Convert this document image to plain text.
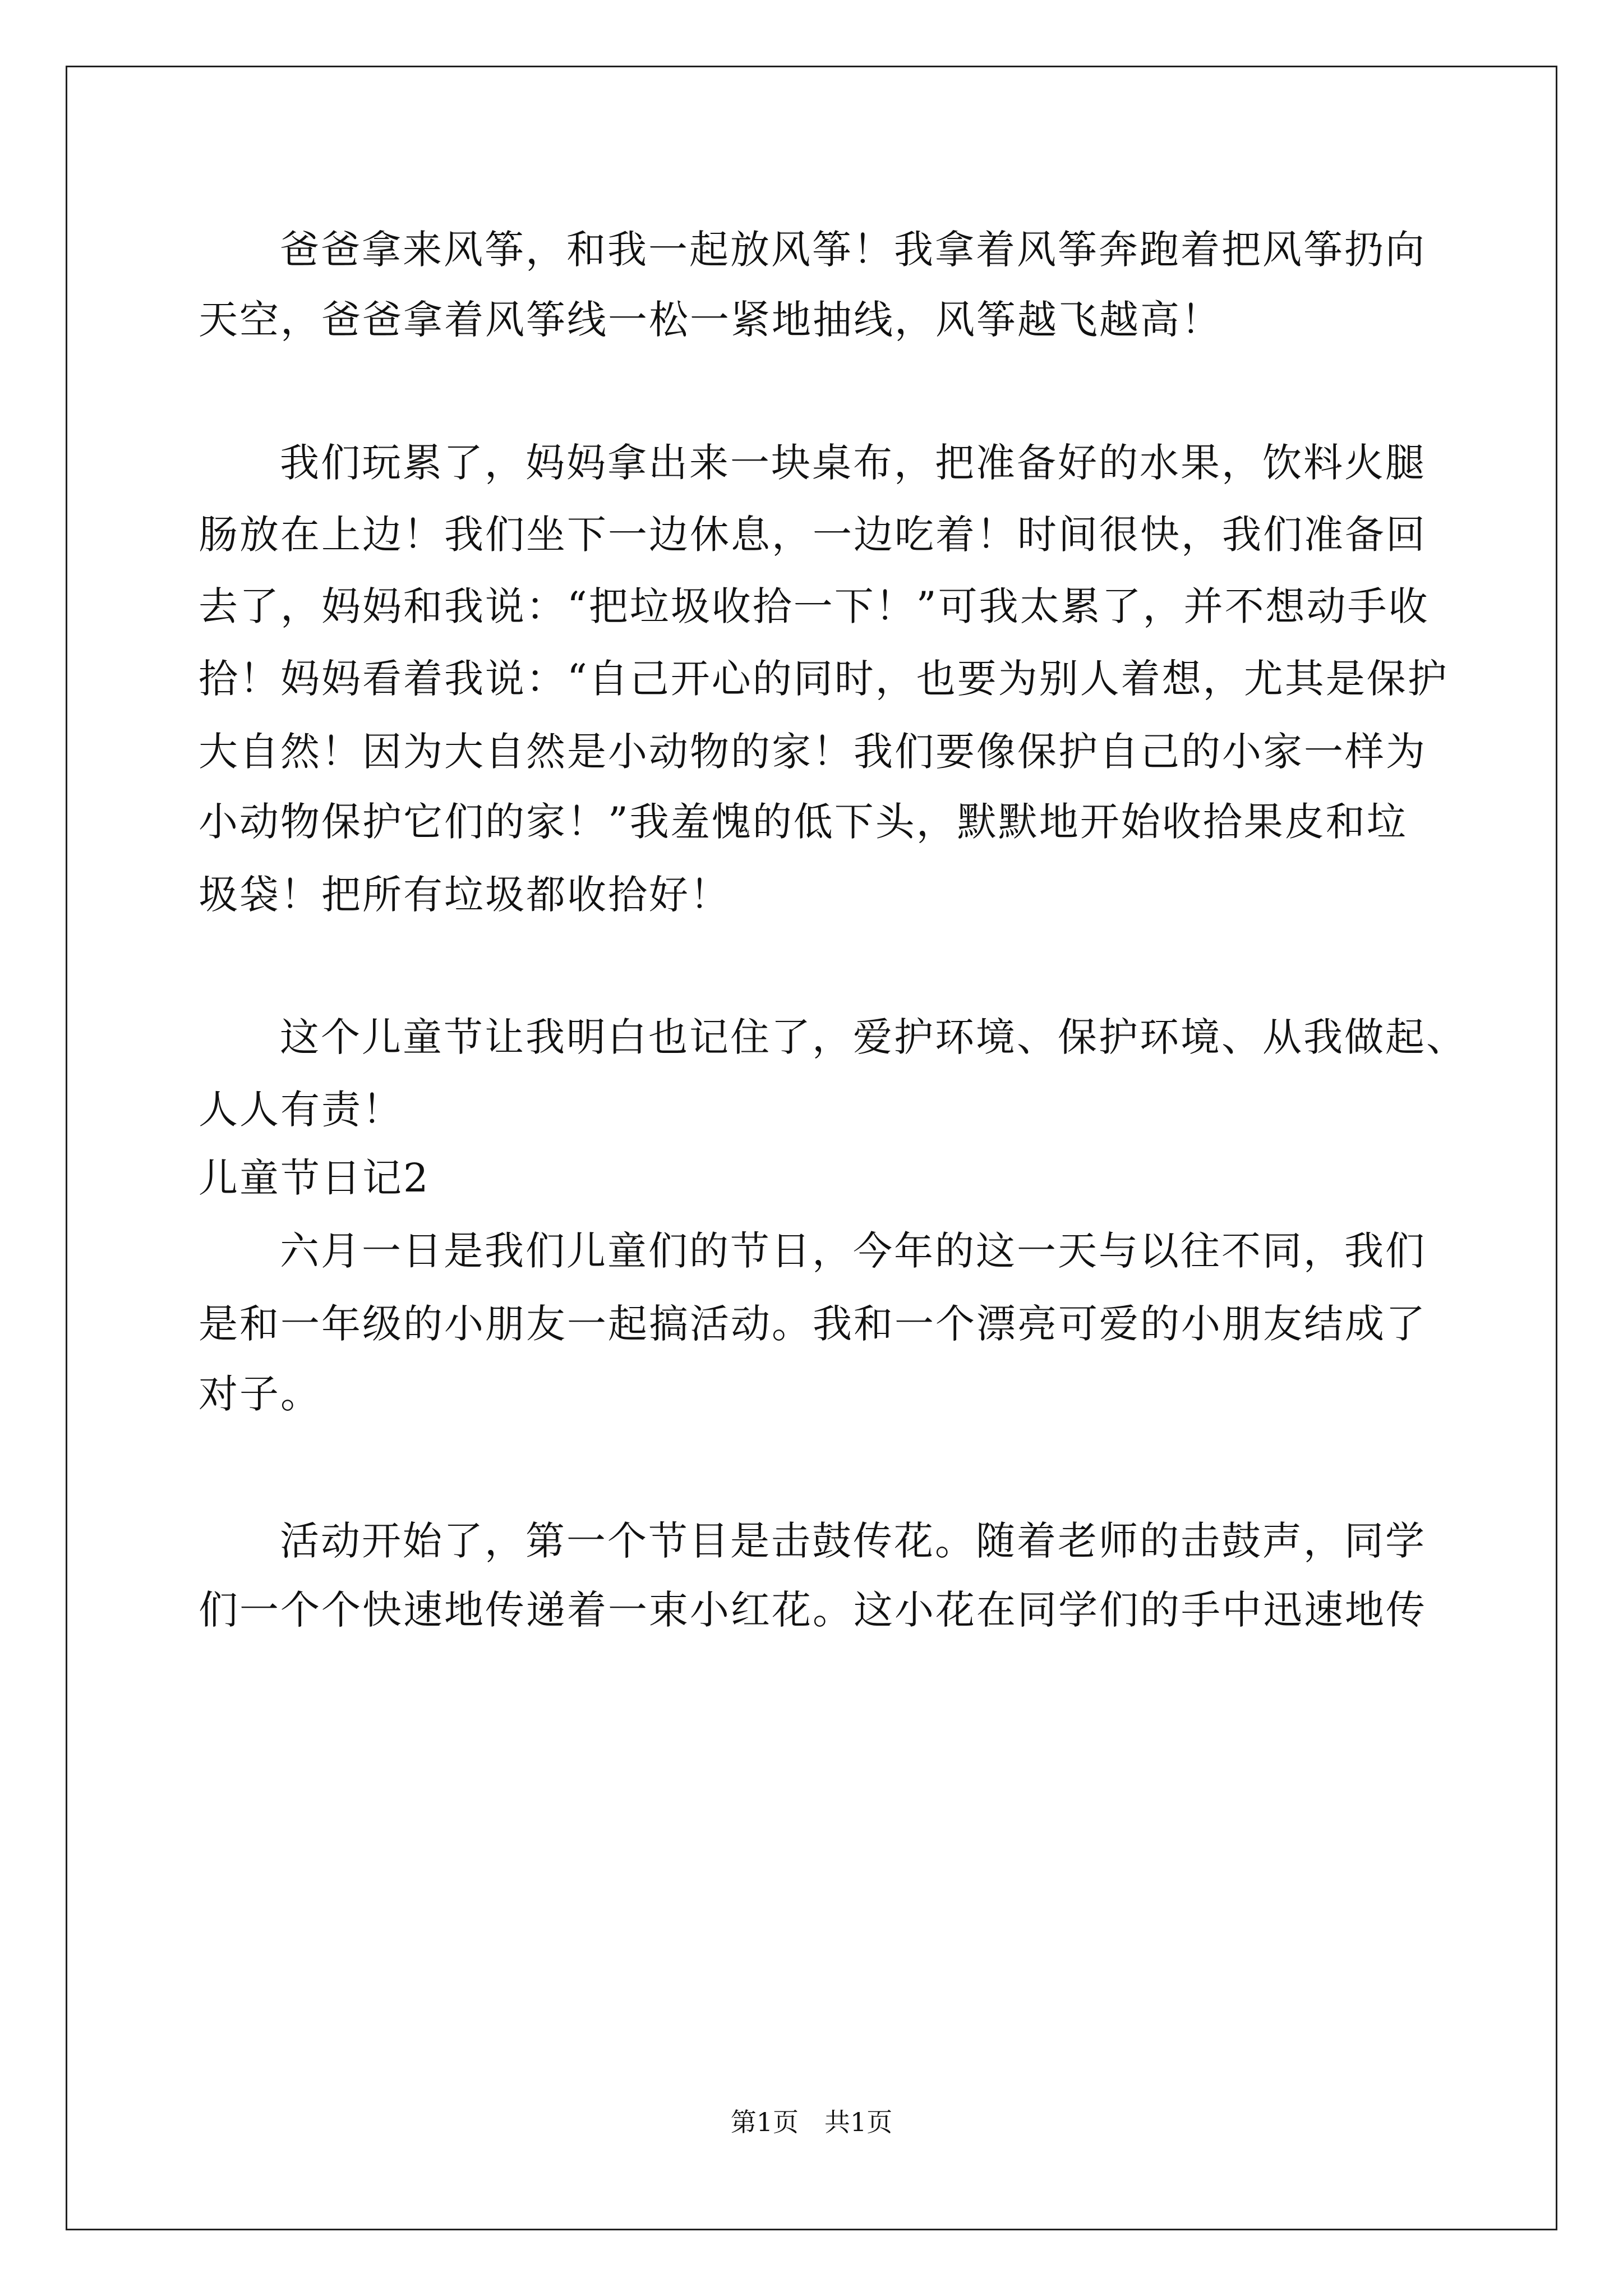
爸爸拿来风筝，和我一起放风筝！我拿着风筝奔跑着把风筝扔向
天空，爸爸拿着风筝线一松一紧地抽线，风筝越飞越高！
我们玩累了，妈妈拿出来一块桌布，把准备好的水果，饮料火腿
肠放在上边！我们坐下一边休息，一边吃着！时间很快，我们准备回
去了，妈妈和我说：“把垃圾收拾一下！”可我太累了，并不想动手收
拾！妈妈看着我说：“自己开心的同时，也要为别人着想，尤其是保护
大自然！因为大自然是小动物的家！我们要像保护自己的小家一样为
小动物保护它们的家！”我羞愧的低下头，默默地开始收拾果皮和垃
圾袋！把所有垃圾都收拾好！
这个儿童节让我明白也记住了，爱护环境、保护环境、从我做起、
人人有责！
儿童节日记2
六月一日是我们儿童们的节日，今年的这一天与以往不同，我们
是和一年级的小朋友一起搞活动。我和一个漂亮可爱的小朋友结成了
对子。
活动开始了，第一个节目是击鼓传花。随着老师的击鼓声，同学
们一个个快速地传递着一束小红花。这小花在同学们的手中迅速地传
第1页　共1页
